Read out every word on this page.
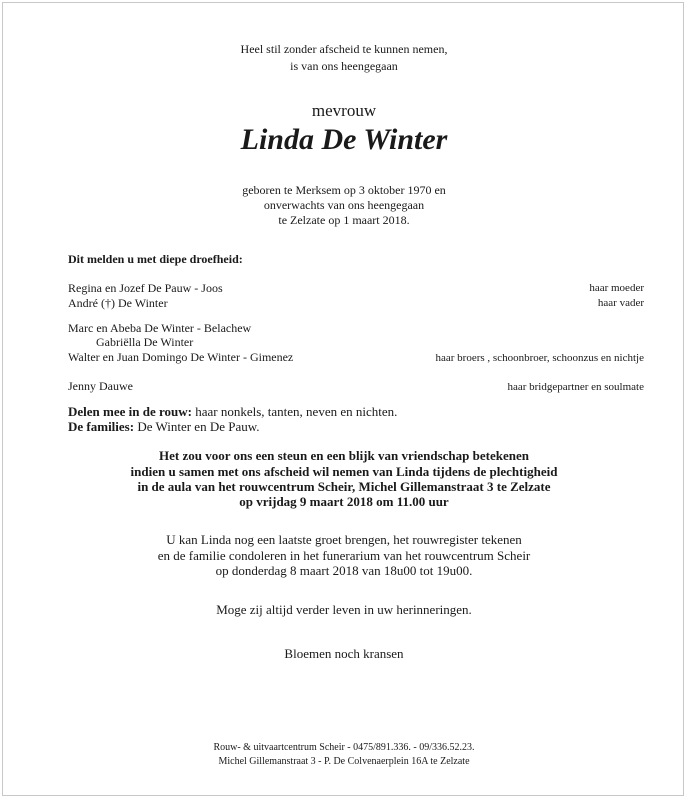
Heel stil zonder afscheid te kunnen nemen,
is van ons heengegaan
mevrouw
Linda De Winter
geboren te Merksem op 3 oktober 1970 en
onverwachts van ons heengegaan
te Zelzate op 1 maart 2018.
Dit melden u met diepe droefheid:
Regina en Jozef De Pauw - Joos	haar moeder
André (†) De Winter	haar vader
Marc en Abeba De Winter - Belachew
Gabriëlla De Winter
Walter en Juan Domingo De Winter - Gimenez	haar broers , schoonbroer, schoonzus en nichtje
Jenny Dauwe	haar bridgepartner en soulmate
Delen mee in de rouw: haar nonkels, tanten, neven en nichten.
De families: De Winter en De Pauw.
Het zou voor ons een steun en een blijk van vriendschap betekenen
indien u samen met ons afscheid wil nemen van Linda tijdens de plechtigheid
in de aula van het rouwcentrum Scheir, Michel Gillemanstraat 3 te Zelzate
op vrijdag 9 maart 2018 om 11.00 uur
U kan Linda nog een laatste groet brengen, het rouwregister tekenen
en de familie condoleren in het funerarium van het rouwcentrum Scheir
op donderdag 8 maart 2018 van 18u00 tot 19u00.
Moge zij altijd verder leven in uw herinneringen.
Bloemen noch kransen
Rouw- & uitvaartcentrum Scheir - 0475/891.336. - 09/336.52.23.
Michel Gillemanstraat 3 - P. De Colvenaerplein 16A te Zelzate
